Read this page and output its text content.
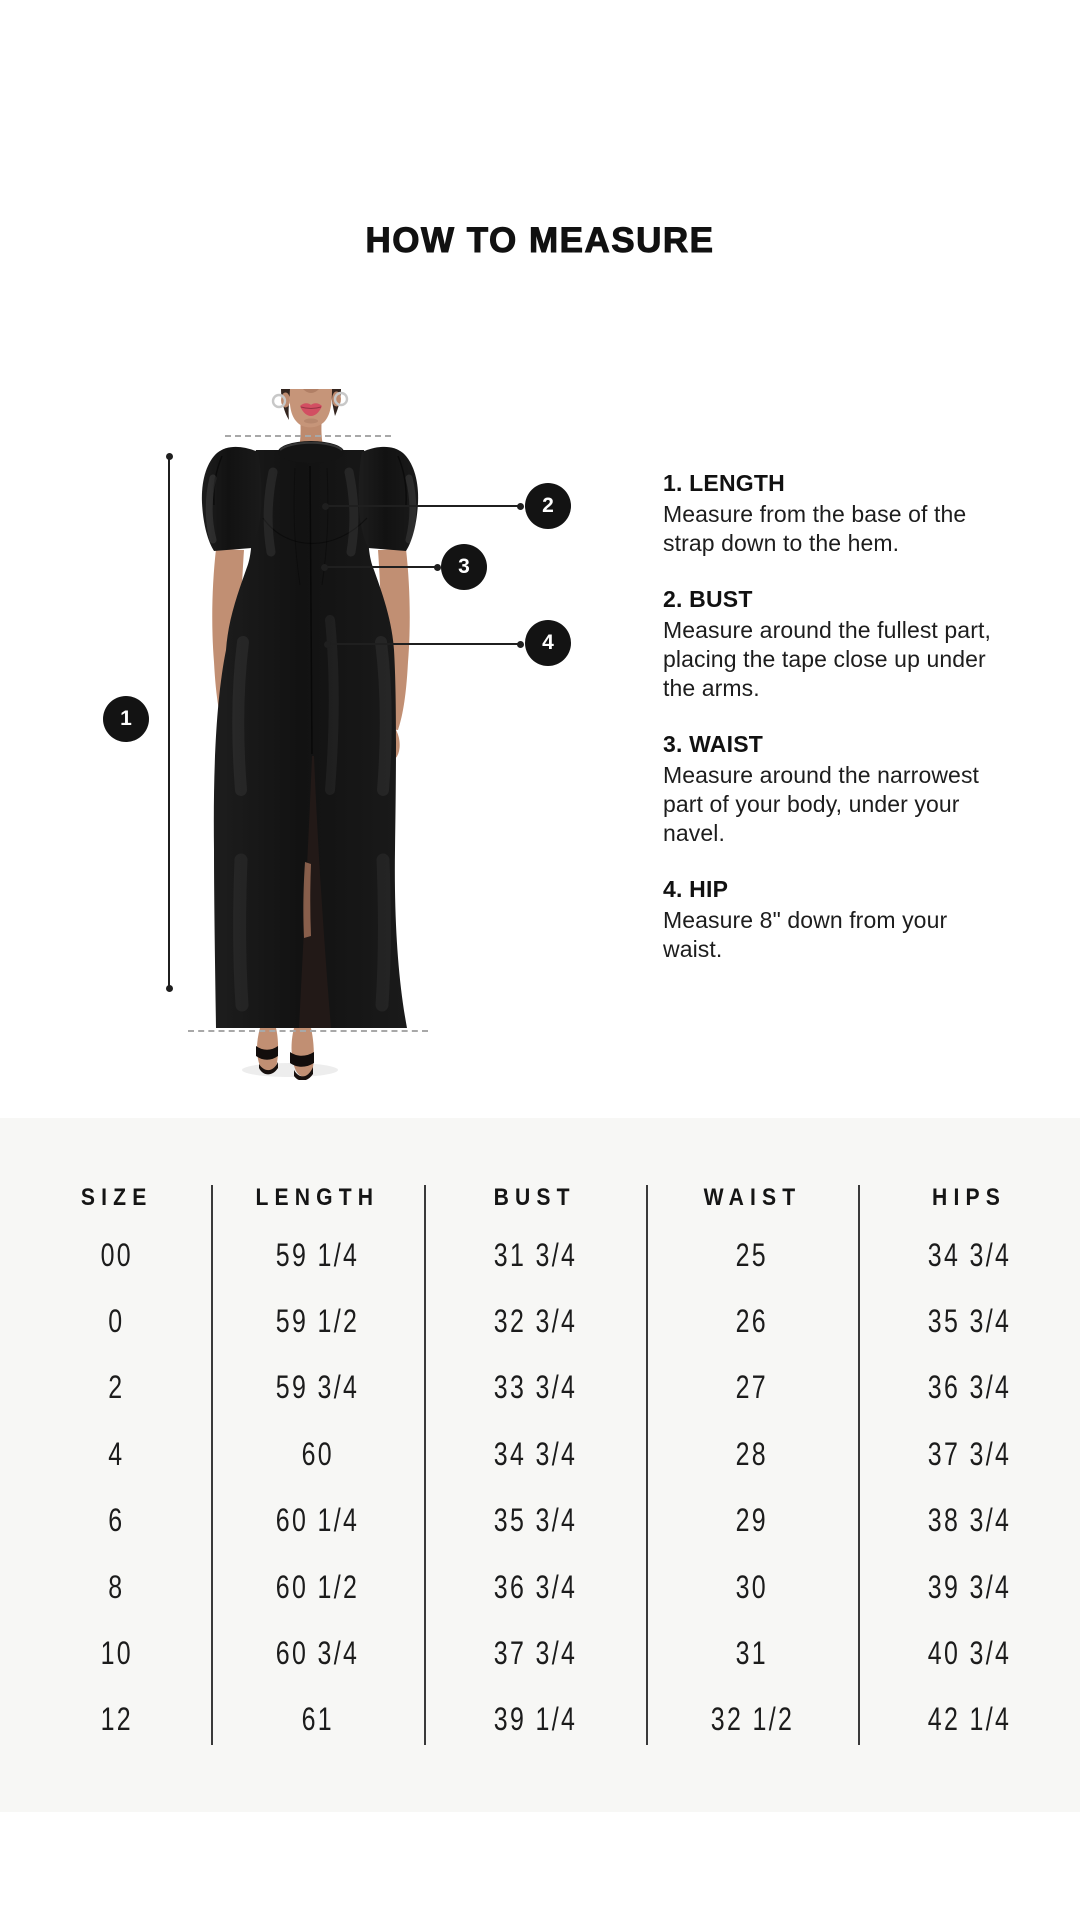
HOW TO MEASURE
1
2
3
4
1. LENGTH

Measure from the base of the strap down to the hem.

2. BUST

Measure around the fullest part, placing the tape close up under the arms.

3. WAIST

Measure around the narrowest part of your body, under your navel.

4. HIP

Measure 8" down from your waist.

SIZE	LENGTH	BUST	WAIST	HIPS
00	59 1/4	31 3/4	25	34 3/4
0	59 1/2	32 3/4	26	35 3/4
2	59 3/4	33 3/4	27	36 3/4
4	60	34 3/4	28	37 3/4
6	60 1/4	35 3/4	29	38 3/4
8	60 1/2	36 3/4	30	39 3/4
10	60 3/4	37 3/4	31	40 3/4
12	61	39 1/4	32 1/2	42 1/4
